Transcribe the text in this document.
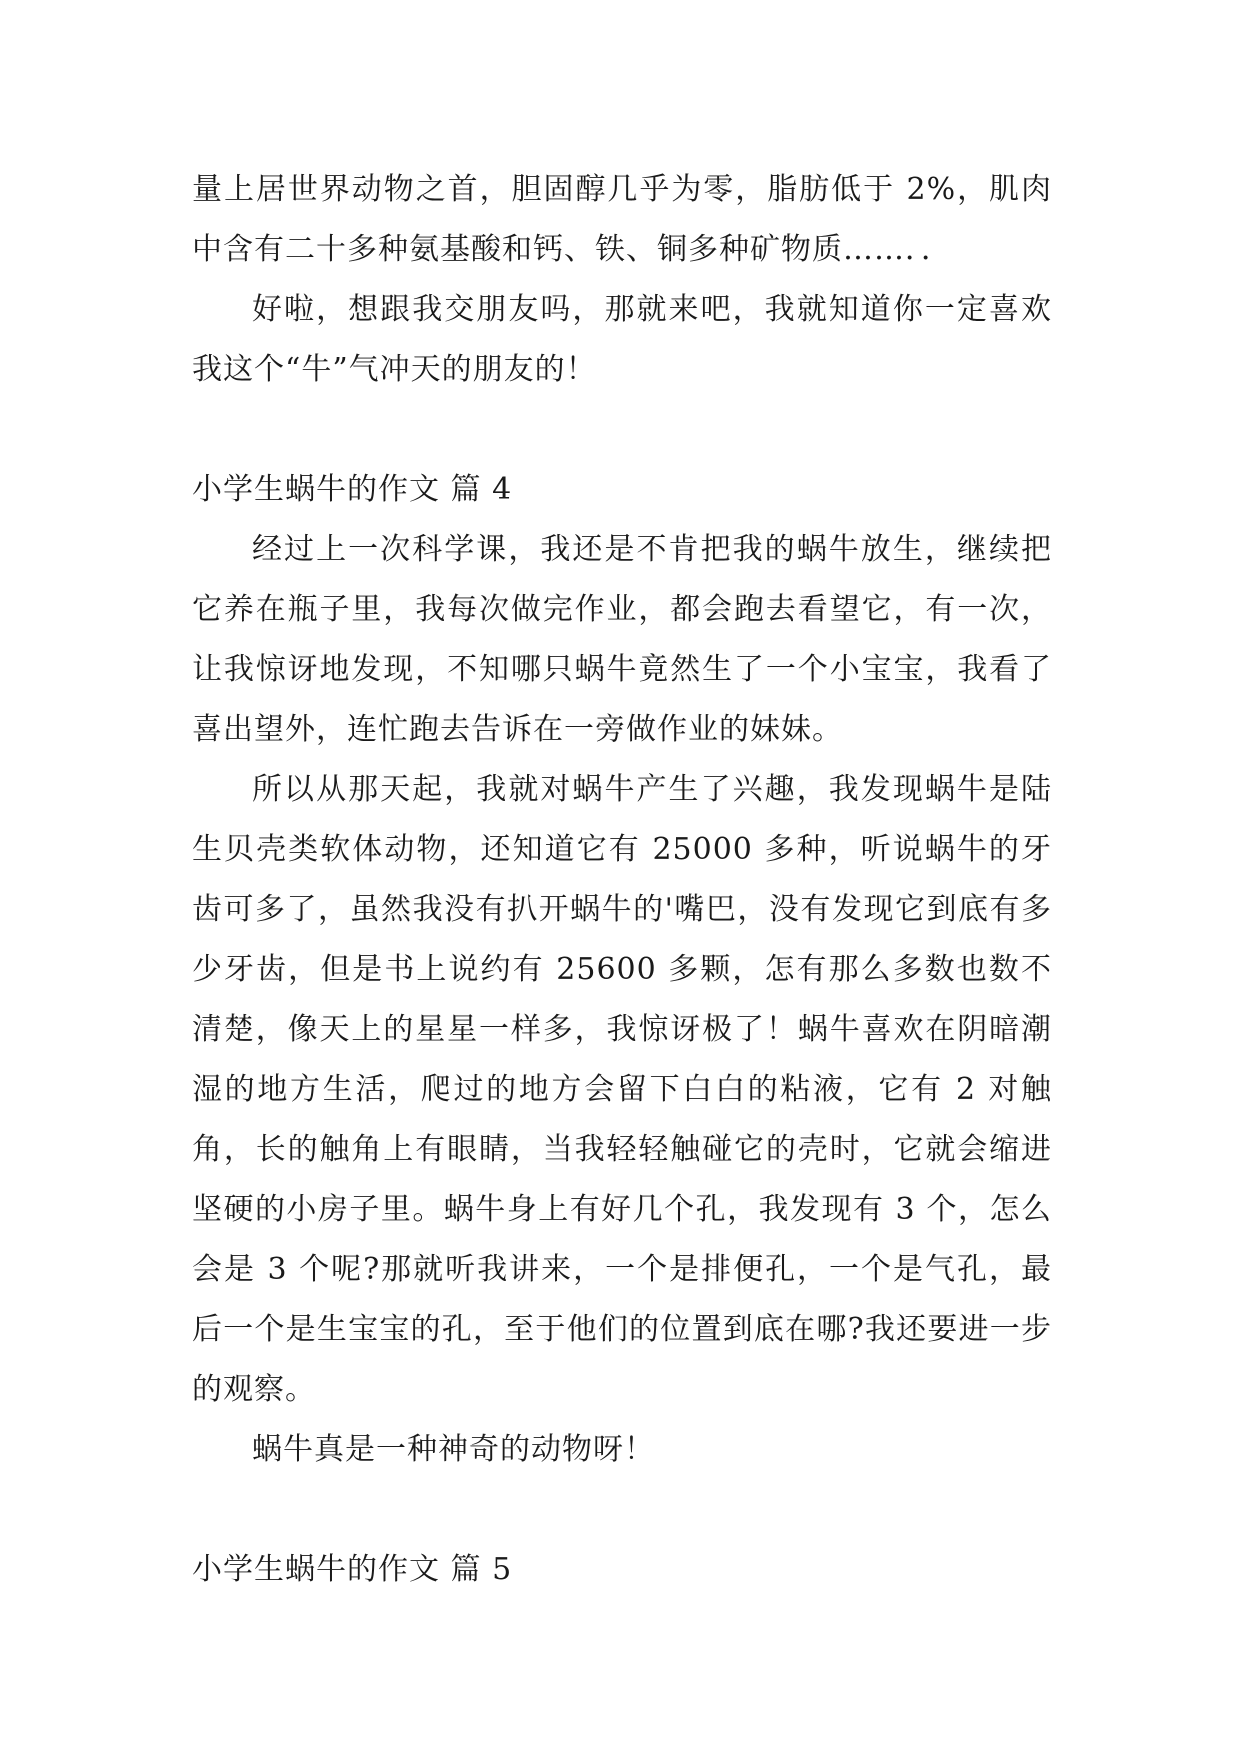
量上居世界动物之首，胆固醇几乎为零，脂肪低于 2%，肌肉中含有二十多种氨基酸和钙、铁、铜多种矿物质……．．

好啦，想跟我交朋友吗，那就来吧，我就知道你一定喜欢我这个“牛”气冲天的朋友的！

小学生蜗牛的作文 篇 4

经过上一次科学课，我还是不肯把我的蜗牛放生，继续把它养在瓶子里，我每次做完作业，都会跑去看望它，有一次，让我惊讶地发现，不知哪只蜗牛竟然生了一个小宝宝，我看了喜出望外，连忙跑去告诉在一旁做作业的妹妹。

所以从那天起，我就对蜗牛产生了兴趣，我发现蜗牛是陆生贝壳类软体动物，还知道它有 25000 多种，听说蜗牛的牙齿可多了，虽然我没有扒开蜗牛的'嘴巴，没有发现它到底有多少牙齿，但是书上说约有 25600 多颗，怎有那么多数也数不清楚，像天上的星星一样多，我惊讶极了！蜗牛喜欢在阴暗潮湿的地方生活，爬过的地方会留下白白的粘液，它有 2 对触角，长的触角上有眼睛，当我轻轻触碰它的壳时，它就会缩进坚硬的小房子里。蜗牛身上有好几个孔，我发现有 3 个，怎么会是 3 个呢?那就听我讲来，一个是排便孔，一个是气孔，最后一个是生宝宝的孔，至于他们的位置到底在哪?我还要进一步的观察。

蜗牛真是一种神奇的动物呀！

小学生蜗牛的作文 篇 5
